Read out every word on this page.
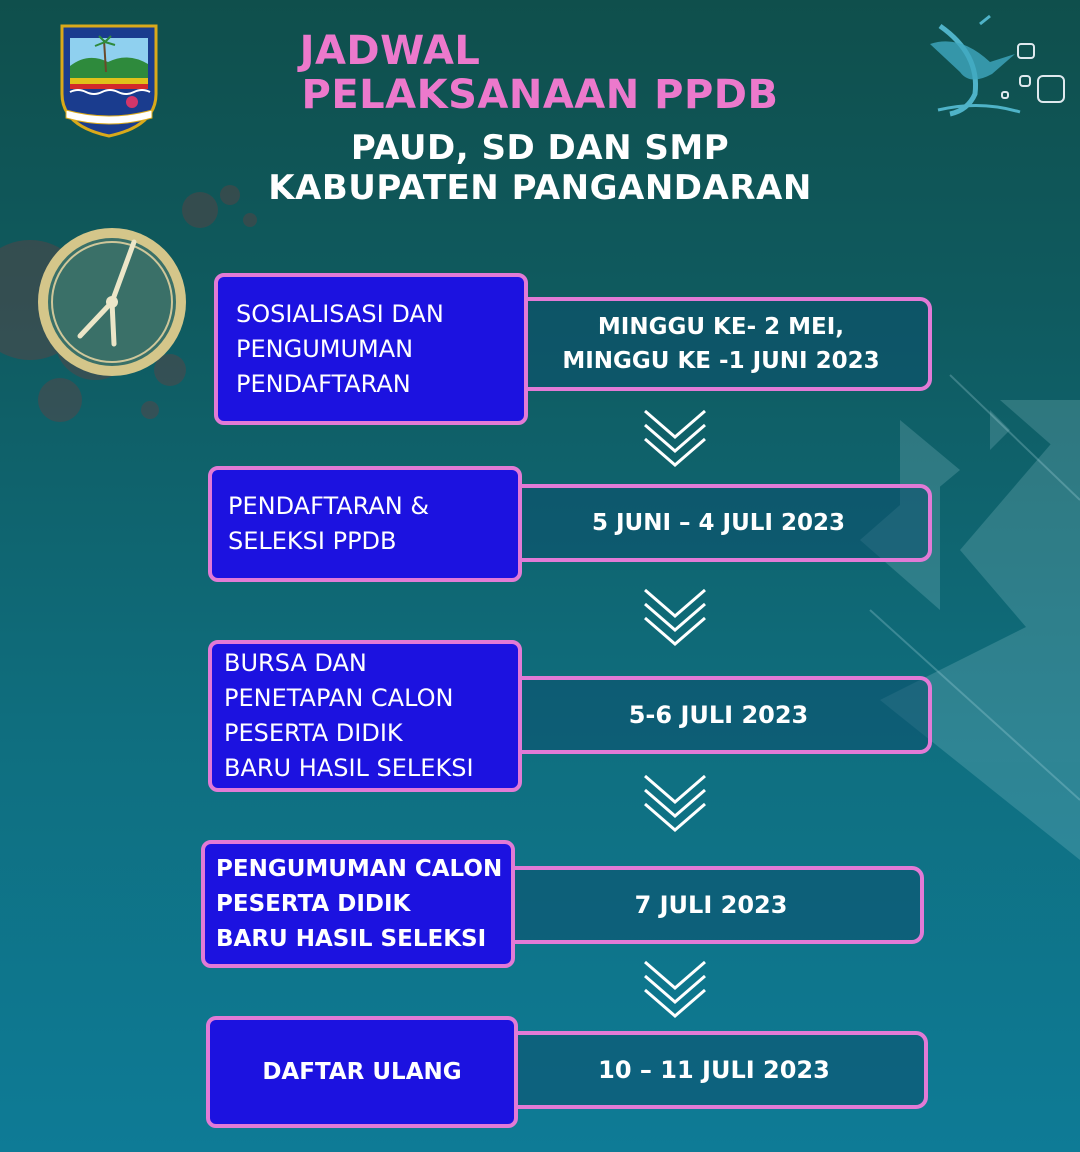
JADWAL
PELAKSANAAN PPDB
PAUD, SD DAN SMP
KABUPATEN PANGANDARAN
MINGGU KE- 2 MEI,
MINGGU KE -1 JUNI 2023
SOSIALISASI DAN
PENGUMUMAN
PENDAFTARAN
5 JUNI – 4 JULI 2023
PENDAFTARAN &
SELEKSI PPDB
5-6 JULI 2023
BURSA DAN
PENETAPAN CALON
PESERTA DIDIK
BARU HASIL SELEKSI
7 JULI 2023
PENGUMUMAN CALON
PESERTA DIDIK
BARU HASIL SELEKSI
10 – 11 JULI 2023
DAFTAR ULANG
